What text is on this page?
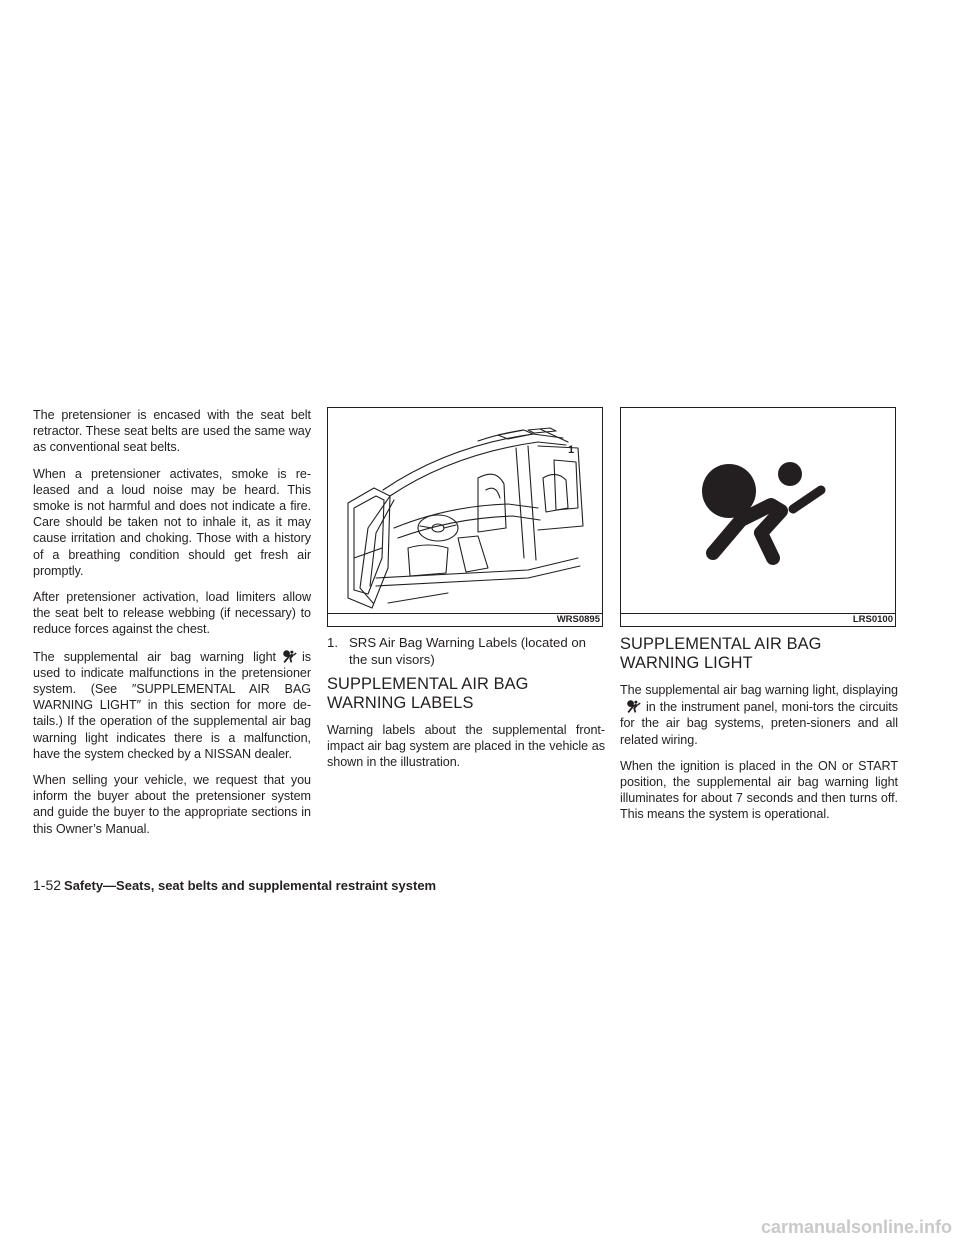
The pretensioner is encased with the seat belt retractor. These seat belts are used the same way as conventional seat belts.

When a pretensioner activates, smoke is re-leased and a loud noise may be heard. This smoke is not harmful and does not indicate a fire. Care should be taken not to inhale it, as it may cause irritation and choking. Those with a history of a breathing condition should get fresh air promptly.

After pretensioner activation, load limiters allow the seat belt to release webbing (if necessary) to reduce forces against the chest.

The supplemental air bag warning light is used to indicate malfunctions in the pretensioner system. (See ″SUPPLEMENTAL AIR BAG WARNING LIGHT″ in this section for more de-tails.) If the operation of the supplemental air bag warning light indicates there is a malfunction, have the system checked by a NISSAN dealer.

When selling your vehicle, we request that you inform the buyer about the pretensioner system and guide the buyer to the appropriate sections in this Owner’s Manual.

1
WRS0895

1. SRS Air Bag Warning Labels (located on the sun visors)

SUPPLEMENTAL AIR BAG WARNING LABELS

Warning labels about the supplemental front-impact air bag system are placed in the vehicle as shown in the illustration.

LRS0100
SUPPLEMENTAL AIR BAG WARNING LIGHT

The supplemental air bag warning light, displayingin the instrument panel, moni-tors the circuits for the air bag systems, preten-sioners and all related wiring.

When the ignition is placed in the ON or START position, the supplemental air bag warning light illuminates for about 7 seconds and then turns off. This means the system is operational.

1-52 Safety—Seats, seat belts and supplemental restraint system
carmanualsonline.info
